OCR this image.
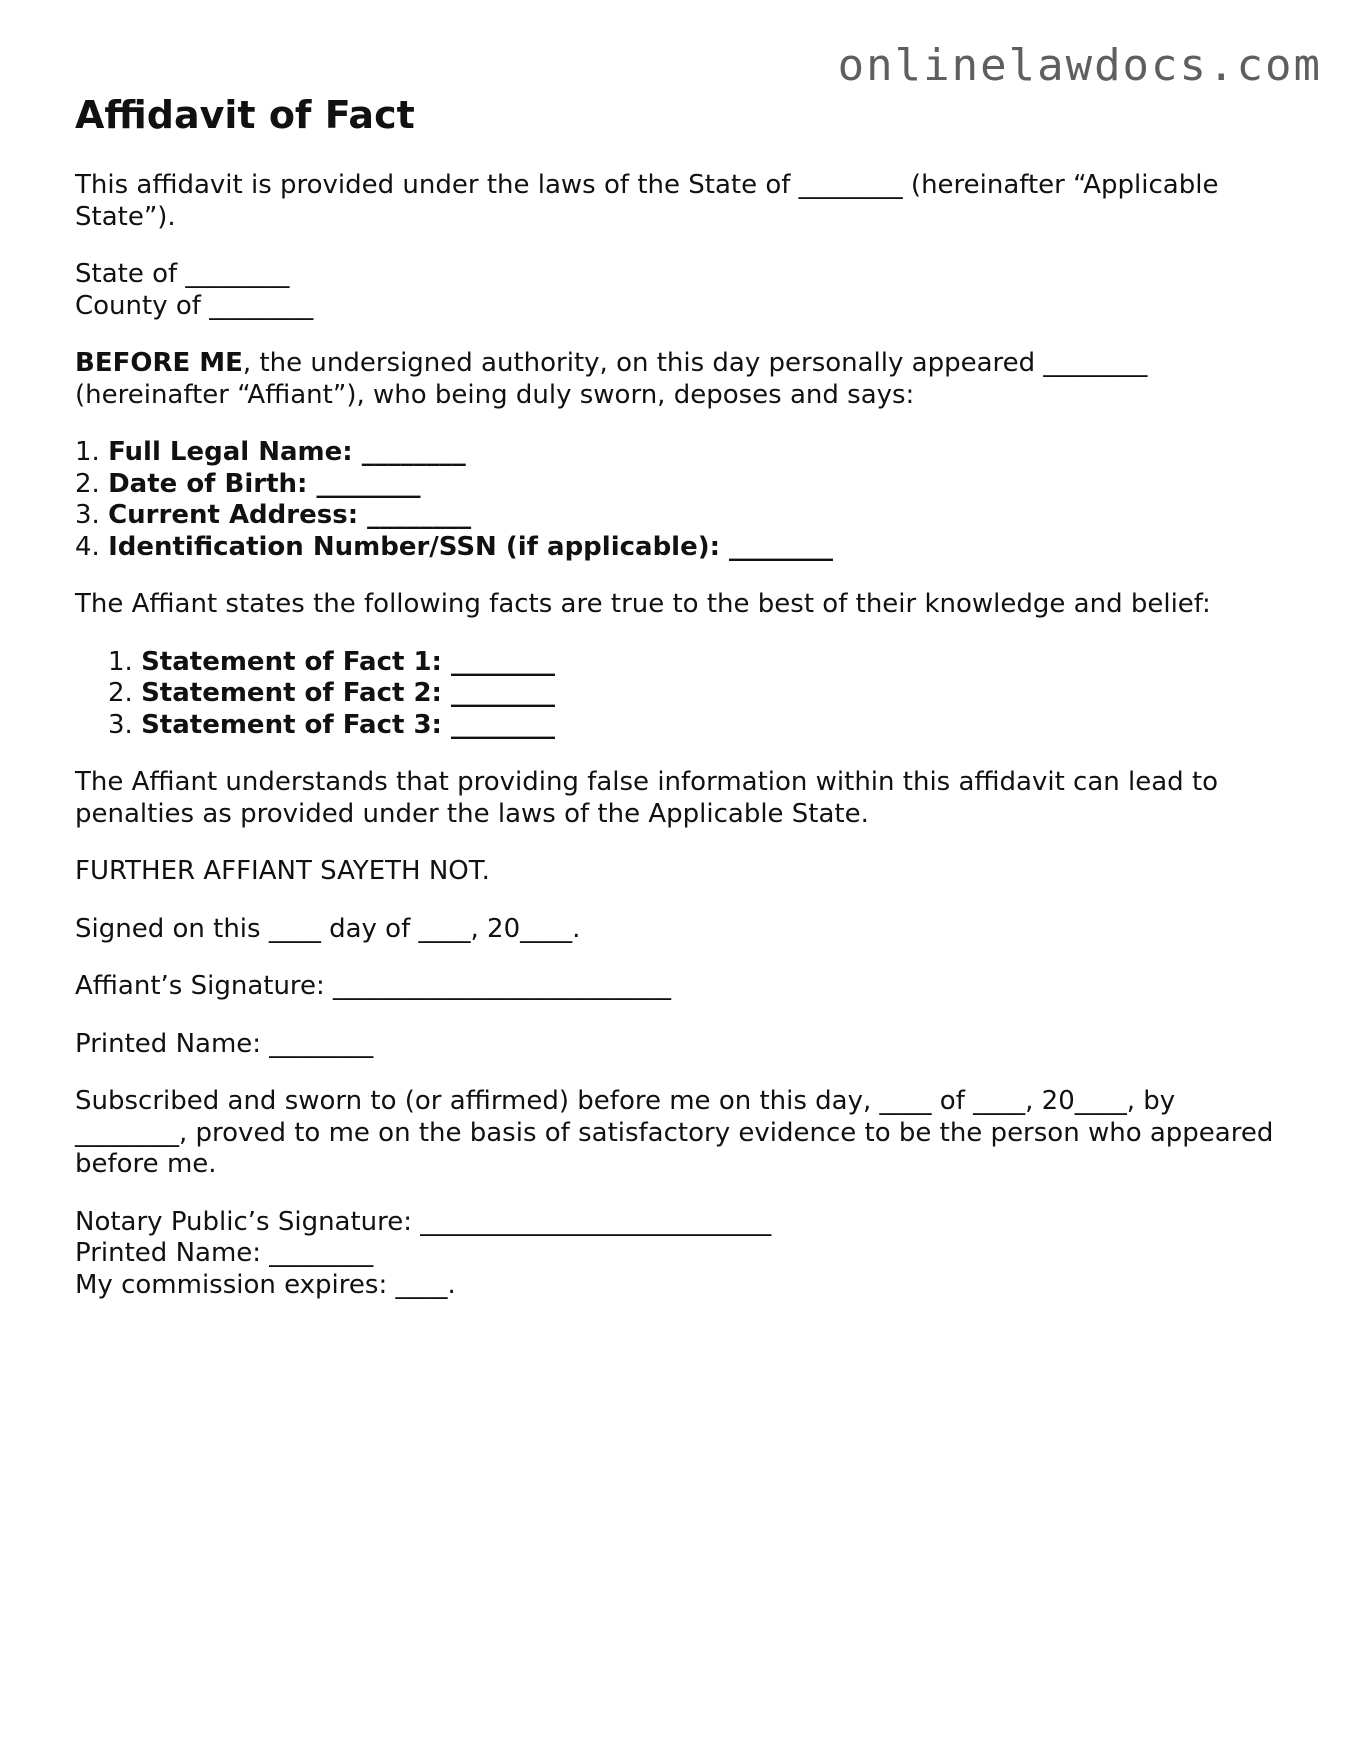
onlinelawdocs.com
Affidavit of Fact

This affidavit is provided under the laws of the State of ________ (hereinafter “Applicable State”).

State of ________
County of ________

BEFORE ME, the undersigned authority, on this day personally appeared ________ (hereinafter “Affiant”), who being duly sworn, deposes and says:

1. Full Legal Name: ________
2. Date of Birth: ________
3. Current Address: ________
4. Identification Number/SSN (if applicable): ________

The Affiant states the following facts are true to the best of their knowledge and belief:

1. Statement of Fact 1: ________
2. Statement of Fact 2: ________
3. Statement of Fact 3: ________

The Affiant understands that providing false information within this affidavit can lead to penalties as provided under the laws of the Applicable State.

FURTHER AFFIANT SAYETH NOT.

Signed on this ____ day of ____, 20____.

Affiant’s Signature: __________________________

Printed Name: ________

Subscribed and sworn to (or affirmed) before me on this day, ____ of ____, 20____, by ________, proved to me on the basis of satisfactory evidence to be the person who appeared before me.

Notary Public’s Signature: ___________________________
Printed Name: ________
My commission expires: ____.
